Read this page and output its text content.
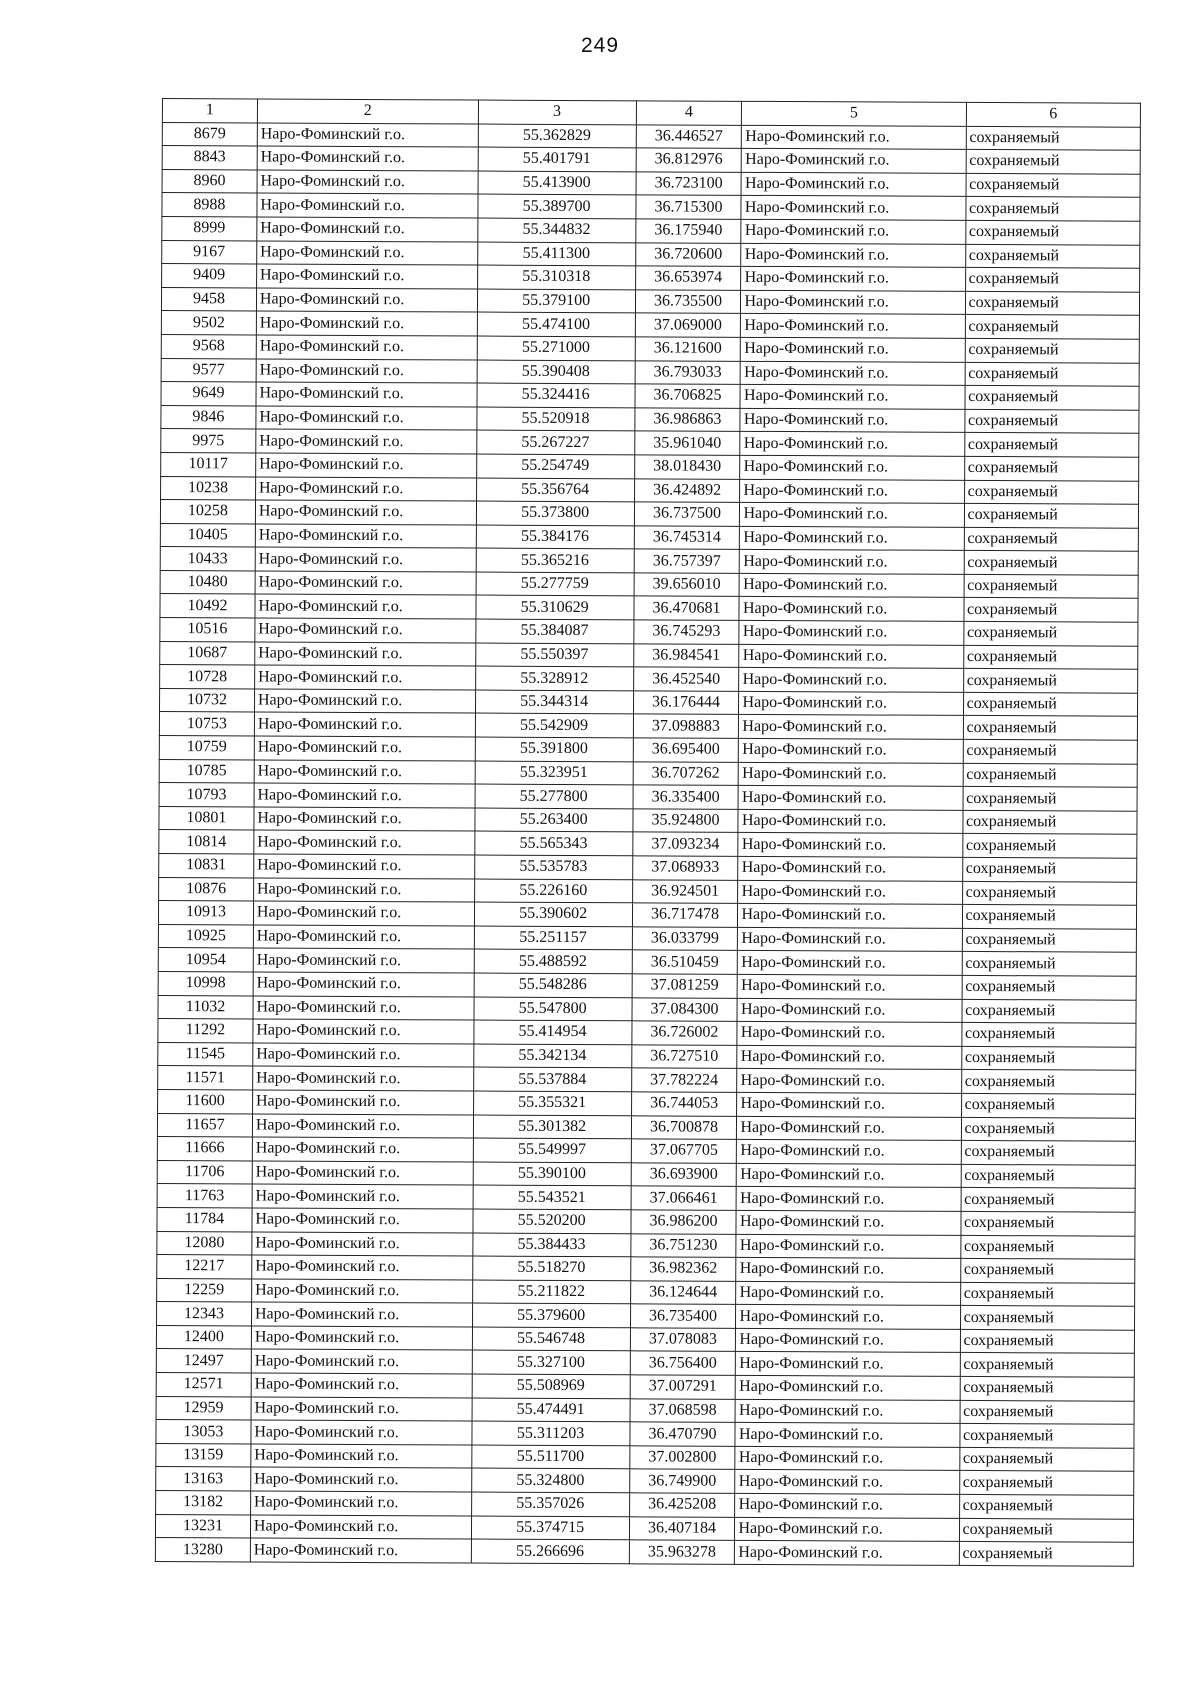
249
1	2	3	4	5	6
8679	Наро-Фоминский г.о.	55.362829	36.446527	Наро-Фоминский г.о.	сохраняемый
8843	Наро-Фоминский г.о.	55.401791	36.812976	Наро-Фоминский г.о.	сохраняемый
8960	Наро-Фоминский г.о.	55.413900	36.723100	Наро-Фоминский г.о.	сохраняемый
8988	Наро-Фоминский г.о.	55.389700	36.715300	Наро-Фоминский г.о.	сохраняемый
8999	Наро-Фоминский г.о.	55.344832	36.175940	Наро-Фоминский г.о.	сохраняемый
9167	Наро-Фоминский г.о.	55.411300	36.720600	Наро-Фоминский г.о.	сохраняемый
9409	Наро-Фоминский г.о.	55.310318	36.653974	Наро-Фоминский г.о.	сохраняемый
9458	Наро-Фоминский г.о.	55.379100	36.735500	Наро-Фоминский г.о.	сохраняемый
9502	Наро-Фоминский г.о.	55.474100	37.069000	Наро-Фоминский г.о.	сохраняемый
9568	Наро-Фоминский г.о.	55.271000	36.121600	Наро-Фоминский г.о.	сохраняемый
9577	Наро-Фоминский г.о.	55.390408	36.793033	Наро-Фоминский г.о.	сохраняемый
9649	Наро-Фоминский г.о.	55.324416	36.706825	Наро-Фоминский г.о.	сохраняемый
9846	Наро-Фоминский г.о.	55.520918	36.986863	Наро-Фоминский г.о.	сохраняемый
9975	Наро-Фоминский г.о.	55.267227	35.961040	Наро-Фоминский г.о.	сохраняемый
10117	Наро-Фоминский г.о.	55.254749	38.018430	Наро-Фоминский г.о.	сохраняемый
10238	Наро-Фоминский г.о.	55.356764	36.424892	Наро-Фоминский г.о.	сохраняемый
10258	Наро-Фоминский г.о.	55.373800	36.737500	Наро-Фоминский г.о.	сохраняемый
10405	Наро-Фоминский г.о.	55.384176	36.745314	Наро-Фоминский г.о.	сохраняемый
10433	Наро-Фоминский г.о.	55.365216	36.757397	Наро-Фоминский г.о.	сохраняемый
10480	Наро-Фоминский г.о.	55.277759	39.656010	Наро-Фоминский г.о.	сохраняемый
10492	Наро-Фоминский г.о.	55.310629	36.470681	Наро-Фоминский г.о.	сохраняемый
10516	Наро-Фоминский г.о.	55.384087	36.745293	Наро-Фоминский г.о.	сохраняемый
10687	Наро-Фоминский г.о.	55.550397	36.984541	Наро-Фоминский г.о.	сохраняемый
10728	Наро-Фоминский г.о.	55.328912	36.452540	Наро-Фоминский г.о.	сохраняемый
10732	Наро-Фоминский г.о.	55.344314	36.176444	Наро-Фоминский г.о.	сохраняемый
10753	Наро-Фоминский г.о.	55.542909	37.098883	Наро-Фоминский г.о.	сохраняемый
10759	Наро-Фоминский г.о.	55.391800	36.695400	Наро-Фоминский г.о.	сохраняемый
10785	Наро-Фоминский г.о.	55.323951	36.707262	Наро-Фоминский г.о.	сохраняемый
10793	Наро-Фоминский г.о.	55.277800	36.335400	Наро-Фоминский г.о.	сохраняемый
10801	Наро-Фоминский г.о.	55.263400	35.924800	Наро-Фоминский г.о.	сохраняемый
10814	Наро-Фоминский г.о.	55.565343	37.093234	Наро-Фоминский г.о.	сохраняемый
10831	Наро-Фоминский г.о.	55.535783	37.068933	Наро-Фоминский г.о.	сохраняемый
10876	Наро-Фоминский г.о.	55.226160	36.924501	Наро-Фоминский г.о.	сохраняемый
10913	Наро-Фоминский г.о.	55.390602	36.717478	Наро-Фоминский г.о.	сохраняемый
10925	Наро-Фоминский г.о.	55.251157	36.033799	Наро-Фоминский г.о.	сохраняемый
10954	Наро-Фоминский г.о.	55.488592	36.510459	Наро-Фоминский г.о.	сохраняемый
10998	Наро-Фоминский г.о.	55.548286	37.081259	Наро-Фоминский г.о.	сохраняемый
11032	Наро-Фоминский г.о.	55.547800	37.084300	Наро-Фоминский г.о.	сохраняемый
11292	Наро-Фоминский г.о.	55.414954	36.726002	Наро-Фоминский г.о.	сохраняемый
11545	Наро-Фоминский г.о.	55.342134	36.727510	Наро-Фоминский г.о.	сохраняемый
11571	Наро-Фоминский г.о.	55.537884	37.782224	Наро-Фоминский г.о.	сохраняемый
11600	Наро-Фоминский г.о.	55.355321	36.744053	Наро-Фоминский г.о.	сохраняемый
11657	Наро-Фоминский г.о.	55.301382	36.700878	Наро-Фоминский г.о.	сохраняемый
11666	Наро-Фоминский г.о.	55.549997	37.067705	Наро-Фоминский г.о.	сохраняемый
11706	Наро-Фоминский г.о.	55.390100	36.693900	Наро-Фоминский г.о.	сохраняемый
11763	Наро-Фоминский г.о.	55.543521	37.066461	Наро-Фоминский г.о.	сохраняемый
11784	Наро-Фоминский г.о.	55.520200	36.986200	Наро-Фоминский г.о.	сохраняемый
12080	Наро-Фоминский г.о.	55.384433	36.751230	Наро-Фоминский г.о.	сохраняемый
12217	Наро-Фоминский г.о.	55.518270	36.982362	Наро-Фоминский г.о.	сохраняемый
12259	Наро-Фоминский г.о.	55.211822	36.124644	Наро-Фоминский г.о.	сохраняемый
12343	Наро-Фоминский г.о.	55.379600	36.735400	Наро-Фоминский г.о.	сохраняемый
12400	Наро-Фоминский г.о.	55.546748	37.078083	Наро-Фоминский г.о.	сохраняемый
12497	Наро-Фоминский г.о.	55.327100	36.756400	Наро-Фоминский г.о.	сохраняемый
12571	Наро-Фоминский г.о.	55.508969	37.007291	Наро-Фоминский г.о.	сохраняемый
12959	Наро-Фоминский г.о.	55.474491	37.068598	Наро-Фоминский г.о.	сохраняемый
13053	Наро-Фоминский г.о.	55.311203	36.470790	Наро-Фоминский г.о.	сохраняемый
13159	Наро-Фоминский г.о.	55.511700	37.002800	Наро-Фоминский г.о.	сохраняемый
13163	Наро-Фоминский г.о.	55.324800	36.749900	Наро-Фоминский г.о.	сохраняемый
13182	Наро-Фоминский г.о.	55.357026	36.425208	Наро-Фоминский г.о.	сохраняемый
13231	Наро-Фоминский г.о.	55.374715	36.407184	Наро-Фоминский г.о.	сохраняемый
13280	Наро-Фоминский г.о.	55.266696	35.963278	Наро-Фоминский г.о.	сохраняемый
